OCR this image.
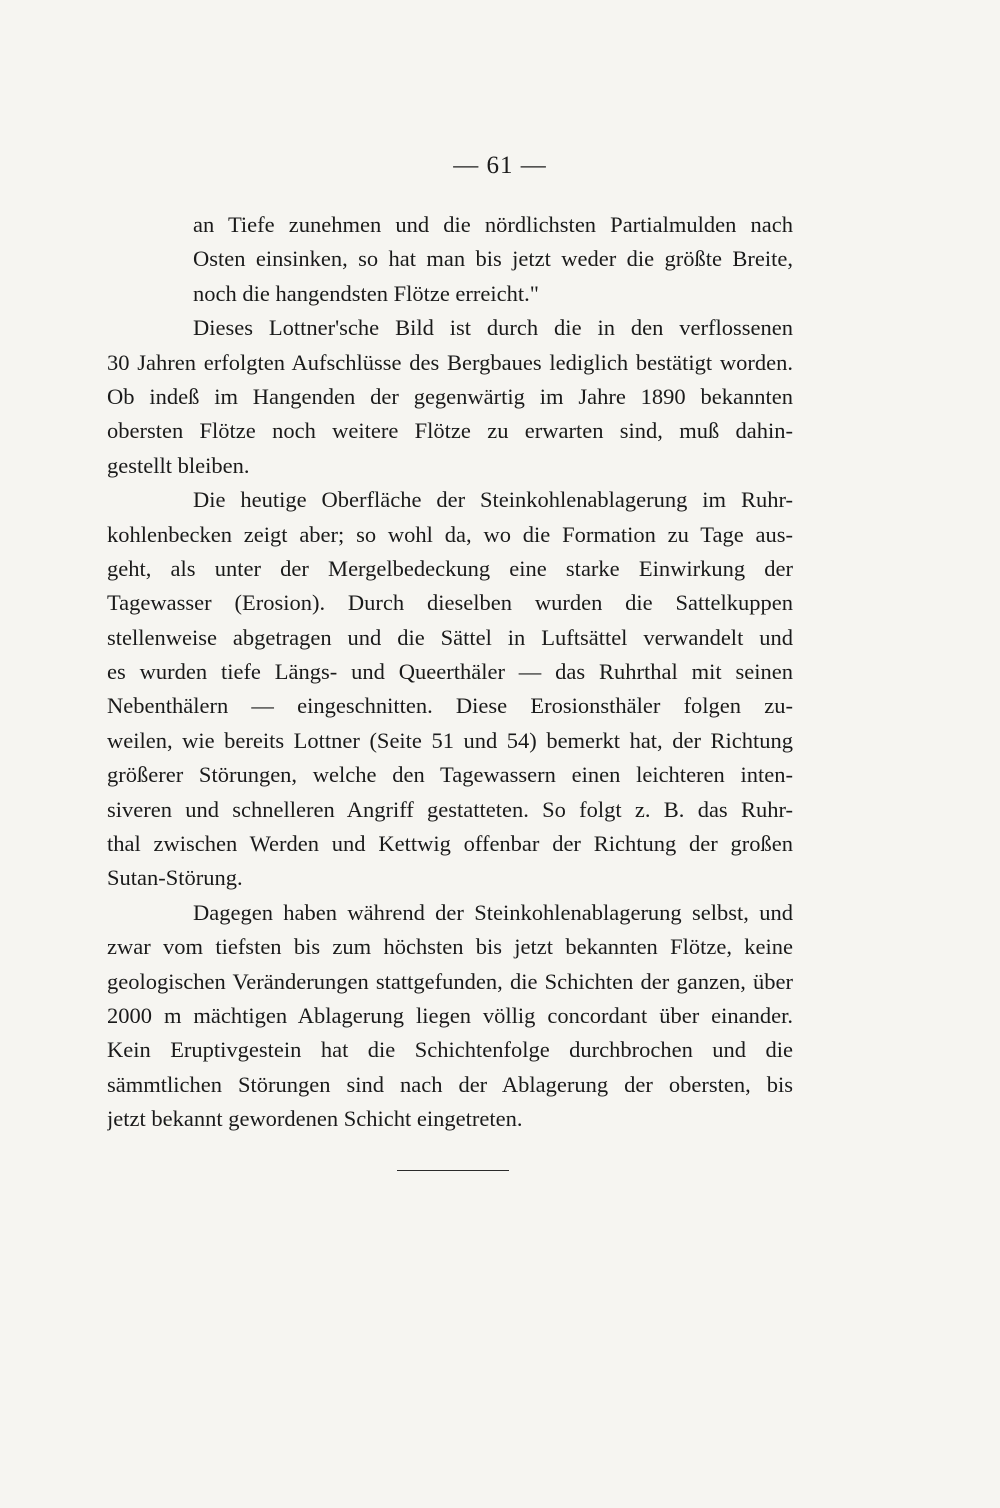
— 61 —
an Tiefe zunehmen und die nördlichsten Partialmulden nach
Osten einsinken, so hat man bis jetzt weder die größte Breite,
noch die hangendsten Flötze erreicht."
Dieses Lottner'sche Bild ist durch die in den verflossenen
30 Jahren erfolgten Aufschlüsse des Bergbaues lediglich bestätigt worden.
Ob indeß im Hangenden der gegenwärtig im Jahre 1890 bekannten
obersten Flötze noch weitere Flötze zu erwarten sind, muß dahin-
gestellt bleiben.
Die heutige Oberfläche der Steinkohlenablagerung im Ruhr-
kohlenbecken zeigt aber; so wohl da, wo die Formation zu Tage aus-
geht, als unter der Mergelbedeckung eine starke Einwirkung der
Tagewasser (Erosion). Durch dieselben wurden die Sattelkuppen
stellenweise abgetragen und die Sättel in Luftsättel verwandelt und
es wurden tiefe Längs- und Queerthäler — das Ruhrthal mit seinen
Nebenthälern — eingeschnitten. Diese Erosionsthäler folgen zu-
weilen, wie bereits Lottner (Seite 51 und 54) bemerkt hat, der Richtung
größerer Störungen, welche den Tagewassern einen leichteren inten-
siveren und schnelleren Angriff gestatteten. So folgt z. B. das Ruhr-
thal zwischen Werden und Kettwig offenbar der Richtung der großen
Sutan-Störung.
Dagegen haben während der Steinkohlenablagerung selbst, und
zwar vom tiefsten bis zum höchsten bis jetzt bekannten Flötze, keine
geologischen Veränderungen stattgefunden, die Schichten der ganzen, über
2000 m mächtigen Ablagerung liegen völlig concordant über einander.
Kein Eruptivgestein hat die Schichtenfolge durchbrochen und die
sämmtlichen Störungen sind nach der Ablagerung der obersten, bis
jetzt bekannt gewordenen Schicht eingetreten.
